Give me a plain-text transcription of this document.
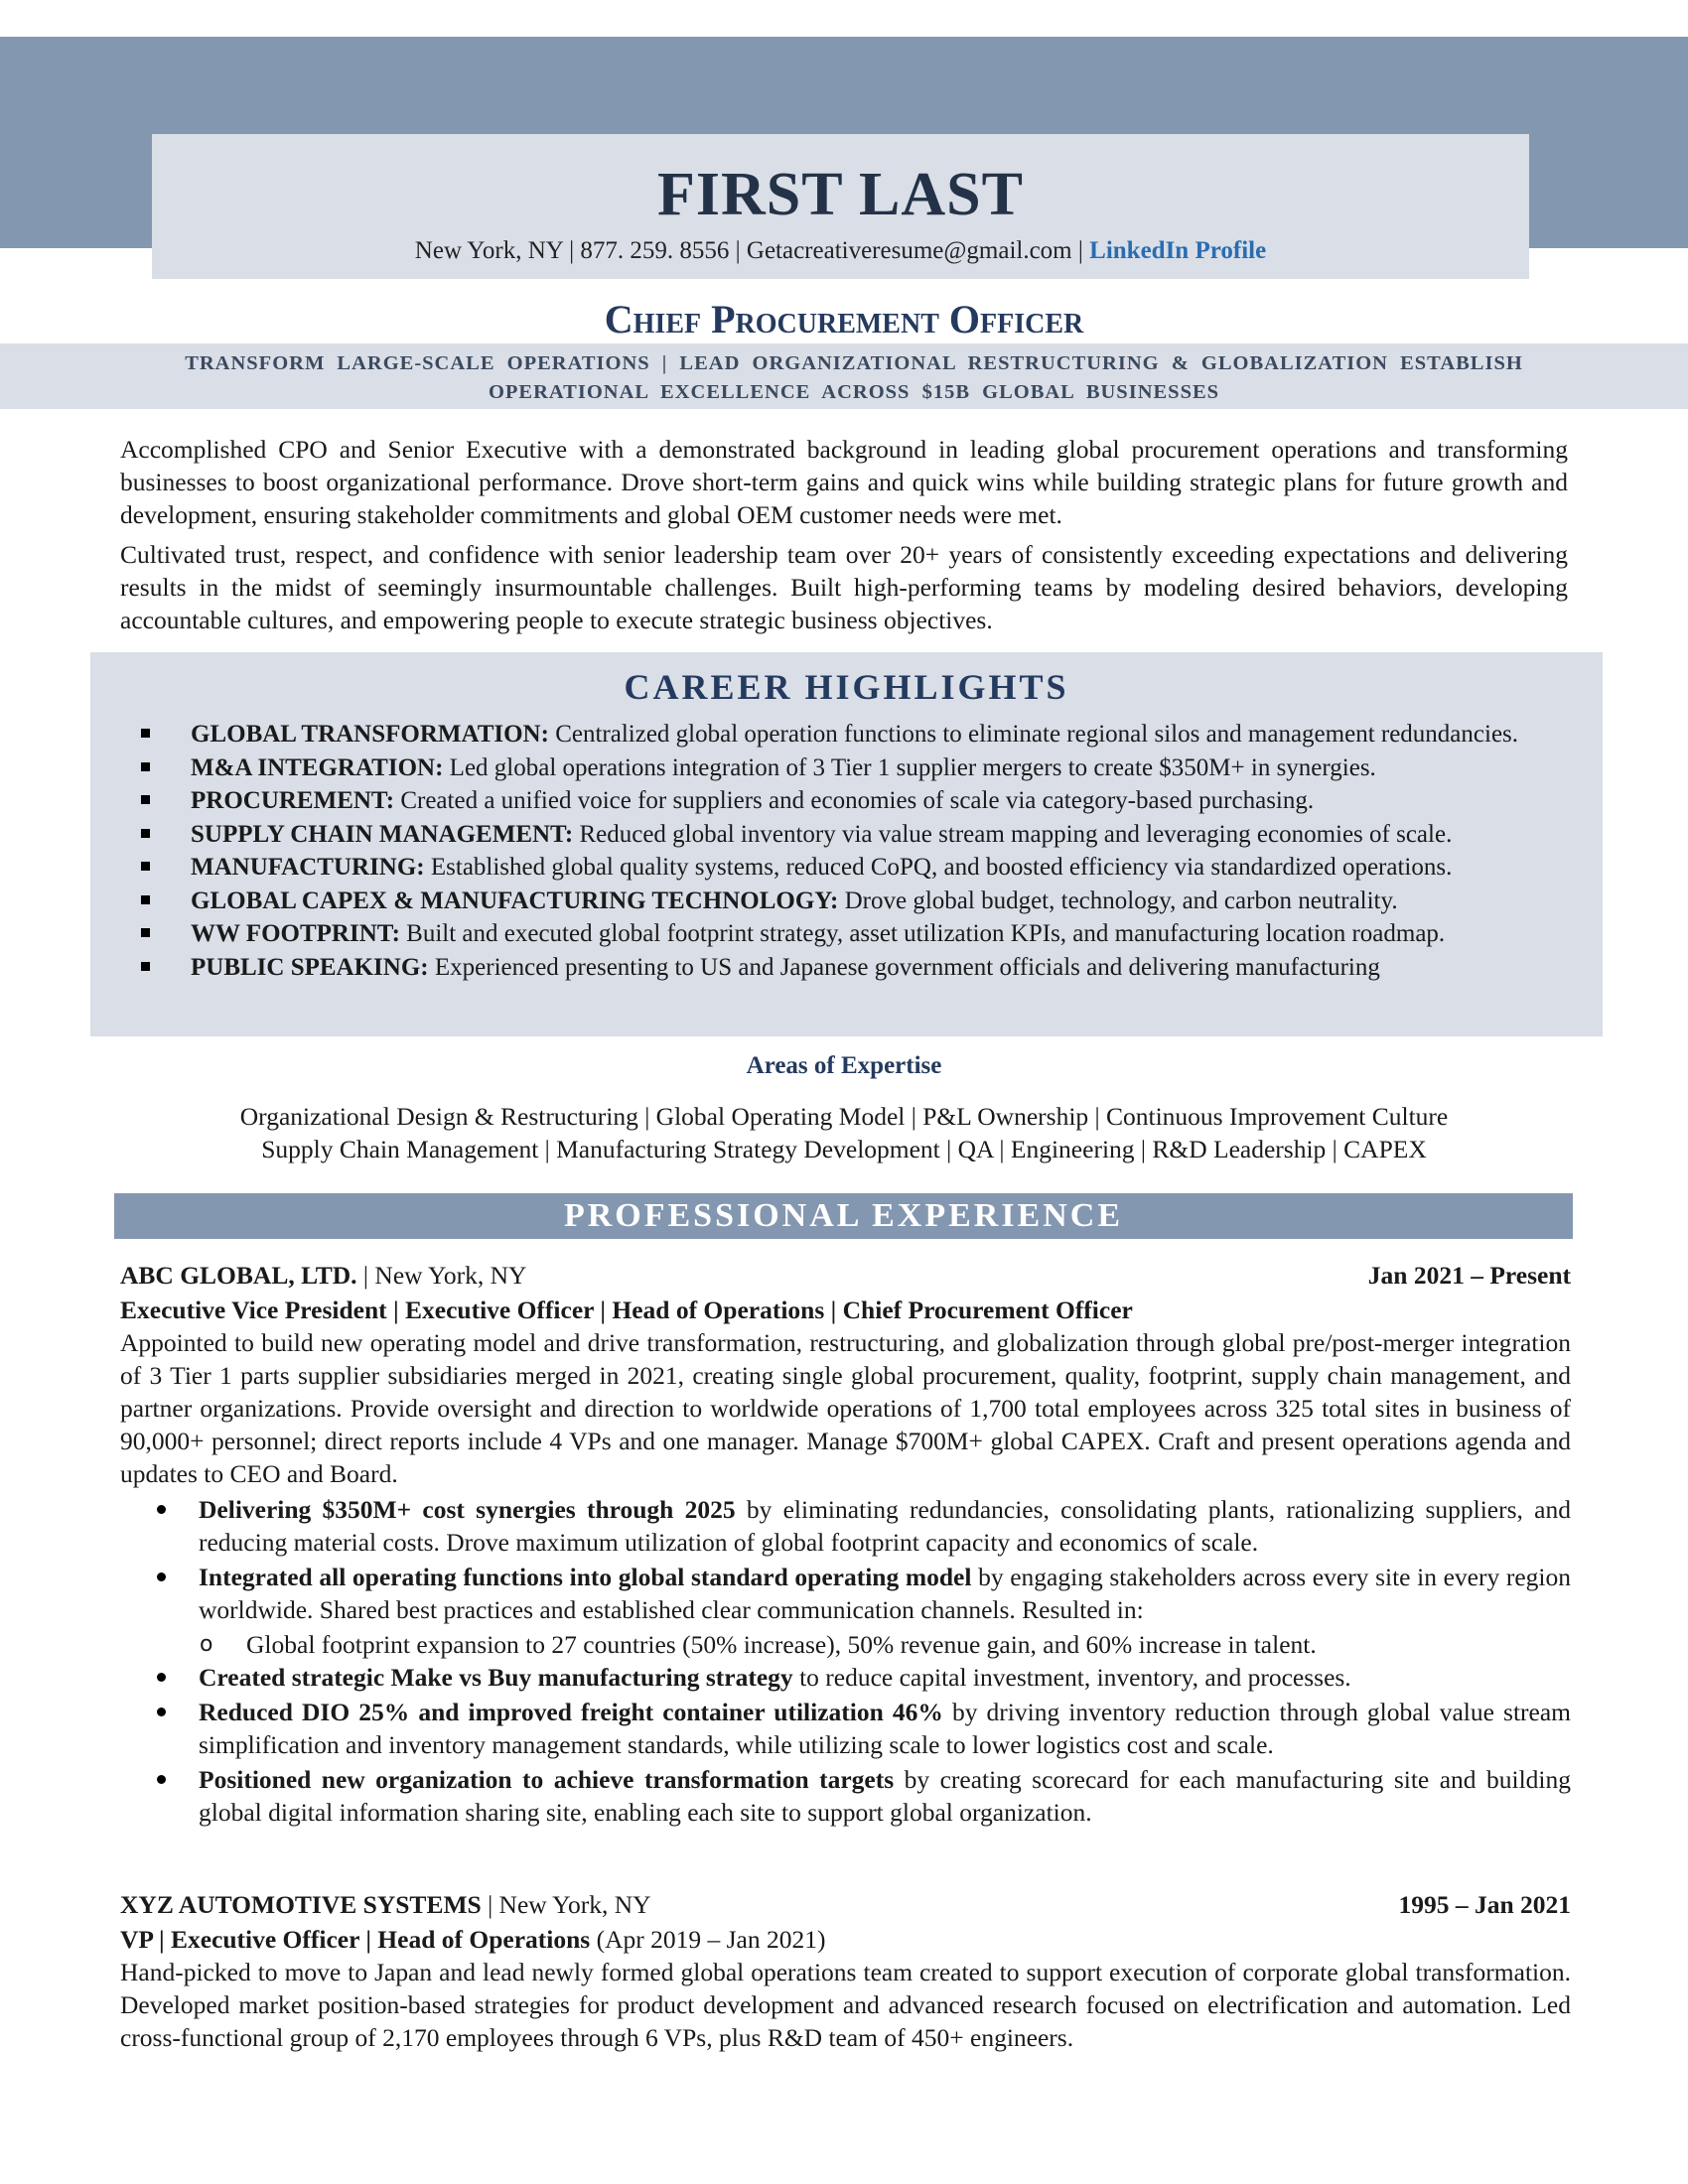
FIRST LAST
New York, NY | 877. 259. 8556 | Getacreativeresume@gmail.com | LinkedIn Profile
Chief Procurement Officer
TRANSFORM LARGE-SCALE OPERATIONS | LEAD ORGANIZATIONAL RESTRUCTURING & GLOBALIZATION ESTABLISH OPERATIONAL EXCELLENCE ACROSS $15B GLOBAL BUSINESSES

Accomplished CPO and Senior Executive with a demonstrated background in leading global procurement operations and transforming businesses to boost organizational performance. Drove short-term gains and quick wins while building strategic plans for future growth and development, ensuring stakeholder commitments and global OEM customer needs were met.

Cultivated trust, respect, and confidence with senior leadership team over 20+ years of consistently exceeding expectations and delivering results in the midst of seemingly insurmountable challenges. Built high-performing teams by modeling desired behaviors, developing accountable cultures, and empowering people to execute strategic business objectives.

CAREER HIGHLIGHTS
GLOBAL TRANSFORMATION: Centralized global operation functions to eliminate regional silos and management redundancies.
M&A INTEGRATION: Led global operations integration of 3 Tier 1 supplier mergers to create $350M+ in synergies.
PROCUREMENT: Created a unified voice for suppliers and economies of scale via category-based purchasing.
SUPPLY CHAIN MANAGEMENT: Reduced global inventory via value stream mapping and leveraging economies of scale.
MANUFACTURING: Established global quality systems, reduced CoPQ, and boosted efficiency via standardized operations.
GLOBAL CAPEX & MANUFACTURING TECHNOLOGY: Drove global budget, technology, and carbon neutrality.
WW FOOTPRINT: Built and executed global footprint strategy, asset utilization KPIs, and manufacturing location roadmap.
PUBLIC SPEAKING: Experienced presenting to US and Japanese government officials and delivering manufacturing
Areas of Expertise
Organizational Design & Restructuring | Global Operating Model | P&L Ownership | Continuous Improvement Culture
Supply Chain Management | Manufacturing Strategy Development | QA | Engineering | R&D Leadership | CAPEX
PROFESSIONAL EXPERIENCE
ABC GLOBAL, LTD. | New York, NY	Jan 2021 – Present
Executive Vice President | Executive Officer | Head of Operations | Chief Procurement Officer

Appointed to build new operating model and drive transformation, restructuring, and globalization through global pre/post-merger integration of 3 Tier 1 parts supplier subsidiaries merged in 2021, creating single global procurement, quality, footprint, supply chain management, and partner organizations. Provide oversight and direction to worldwide operations of 1,700 total employees across 325 total sites in business of 90,000+ personnel; direct reports include 4 VPs and one manager. Manage $700M+ global CAPEX. Craft and present operations agenda and updates to CEO and Board.

Delivering $350M+ cost synergies through 2025 by eliminating redundancies, consolidating plants, rationalizing suppliers, and reducing material costs. Drove maximum utilization of global footprint capacity and economics of scale.
Integrated all operating functions into global standard operating model by engaging stakeholders across every site in every region worldwide. Shared best practices and established clear communication channels. Resulted in:
o Global footprint expansion to 27 countries (50% increase), 50% revenue gain, and 60% increase in talent.
Created strategic Make vs Buy manufacturing strategy to reduce capital investment, inventory, and processes.
Reduced DIO 25% and improved freight container utilization 46% by driving inventory reduction through global value stream simplification and inventory management standards, while utilizing scale to lower logistics cost and scale.
Positioned new organization to achieve transformation targets by creating scorecard for each manufacturing site and building global digital information sharing site, enabling each site to support global organization.
XYZ AUTOMOTIVE SYSTEMS | New York, NY	1995 – Jan 2021
VP | Executive Officer | Head of Operations (Apr 2019 – Jan 2021)

Hand-picked to move to Japan and lead newly formed global operations team created to support execution of corporate global transformation. Developed market position-based strategies for product development and advanced research focused on electrification and automation. Led cross-functional group of 2,170 employees through 6 VPs, plus R&D team of 450+ engineers.
